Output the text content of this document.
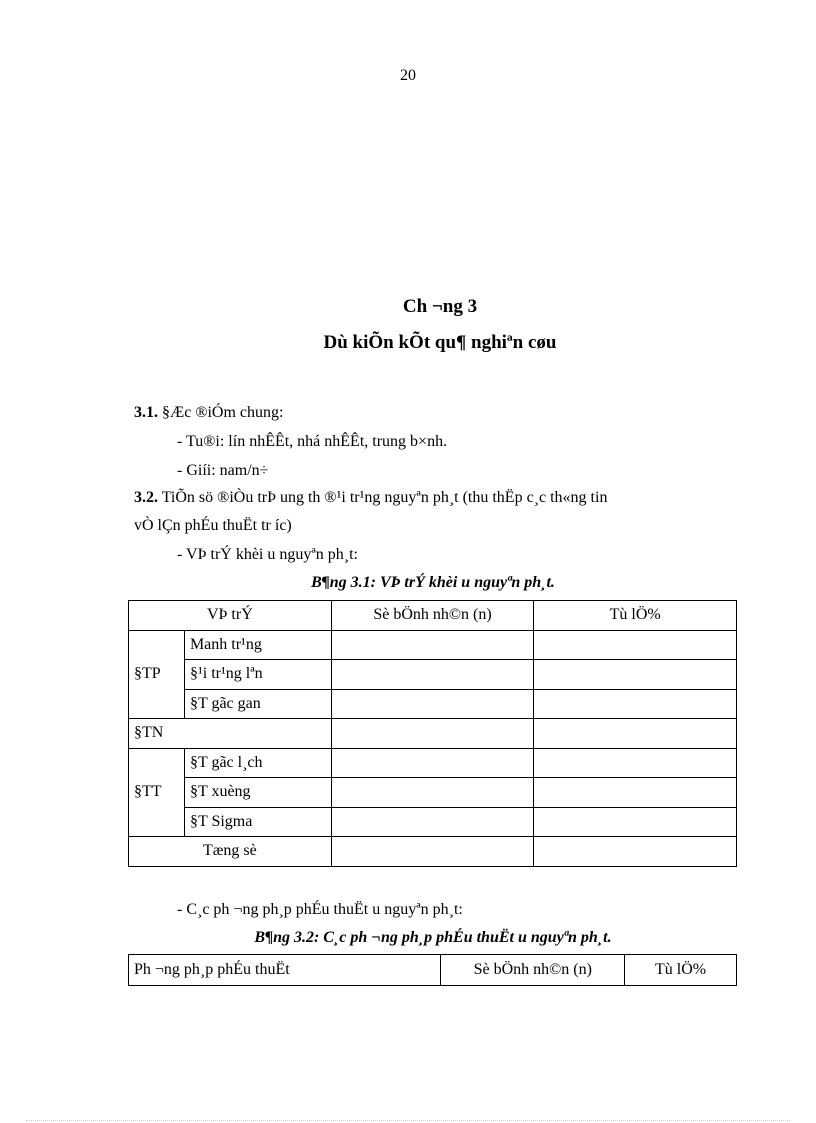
20
Ch ¬ng 3
Dù kiÕn kÕt qu¶ nghiªn cøu
3.1. §Æc ®iÓm chung:
- Tu®i: lín nhÊÊt, nhá nhÊÊt, trung b×nh.
- Giíi: nam/n÷
3.2. TiÕn sö ®iÒu trÞ ung th ®¹i tr¹ng nguyªn ph¸t (thu thËp c¸c th«ng tin
vÒ lÇn phÉu thuËt tr íc)
- VÞ trÝ khèi u nguyªn ph¸t:
B¶ng 3.1: VÞ trÝ khèi u nguyªn ph¸t.
VÞ trÝ		Sè bÖnh nh©n (n)	Tù lÖ%
§TP	Manh tr¹ng		
	§¹i tr¹ng lªn		
	§T gãc gan		
§TN			
§TT	§T gãc l¸ch		
	§T xuèng		
	§T Sigma		
Tæng sè			
- C¸c ph ¬ng ph¸p phÉu thuËt u nguyªn ph¸t:
B¶ng 3.2: C¸c ph ¬ng ph¸p phÉu thuËt u nguyªn ph¸t.
Ph ¬ng ph¸p phÉu thuËt	Sè bÖnh nh©n (n)	Tù lÖ%
